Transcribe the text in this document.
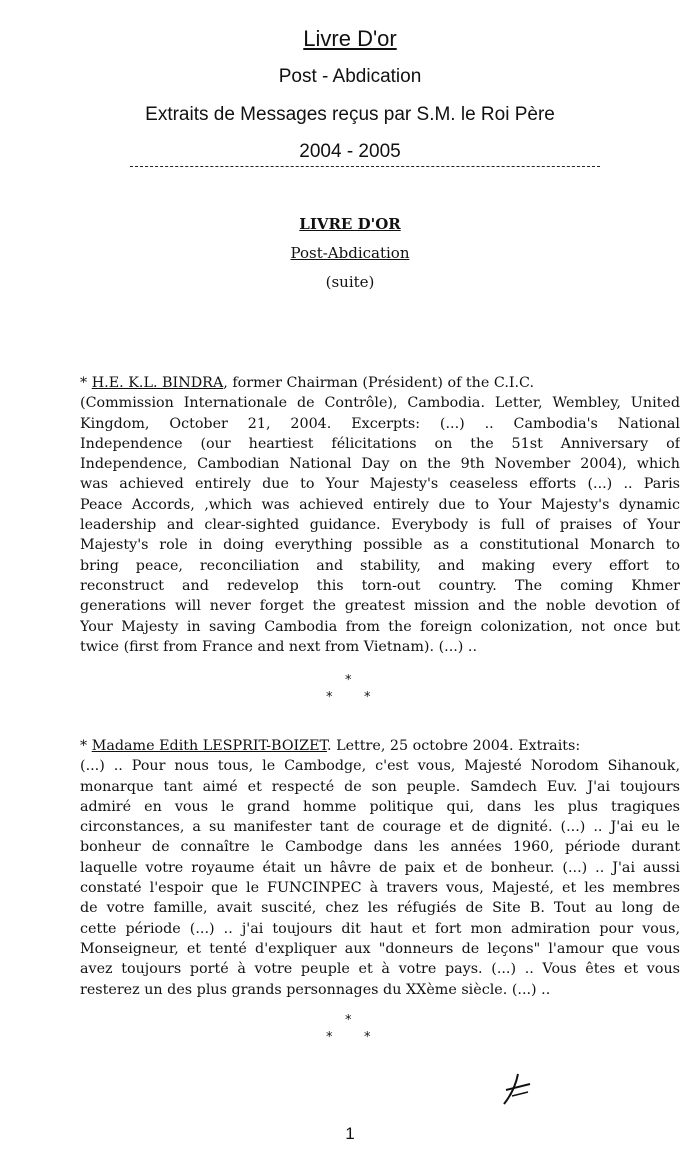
Livre D'or
Post - Abdication
Extraits de Messages reçus par S.M. le Roi Père
2004 - 2005
LIVRE D'OR
Post-Abdication
(suite)
* H.E. K.L. BINDRA, former Chairman (Président) of the C.I.C.
(Commission Internationale de Contrôle), Cambodia. Letter, Wembley, United
Kingdom, October 21, 2004. Excerpts: (...) .. Cambodia's National
Independence (our heartiest félicitations on the 51st Anniversary of
Independence, Cambodian National Day on the 9th November 2004), which
was achieved entirely due to Your Majesty's ceaseless efforts (...) .. Paris
Peace Accords, ,which was achieved entirely due to Your Majesty's dynamic
leadership and clear-sighted guidance. Everybody is full of praises of Your
Majesty's role in doing everything possible as a constitutional Monarch to
bring peace, reconciliation and stability, and making every effort to
reconstruct and redevelop this torn-out country. The coming Khmer
generations will never forget the greatest mission and the noble devotion of
Your Majesty in saving Cambodia from the foreign colonization, not once but
twice (first from France and next from Vietnam). (...) ..
*
* *
* Madame Edith LESPRIT-BOIZET. Lettre, 25 octobre 2004. Extraits:
(...) .. Pour nous tous, le Cambodge, c'est vous, Majesté Norodom Sihanouk,
monarque tant aimé et respecté de son peuple. Samdech Euv. J'ai toujours
admiré en vous le grand homme politique qui, dans les plus tragiques
circonstances, a su manifester tant de courage et de dignité. (...) .. J'ai eu le
bonheur de connaître le Cambodge dans les années 1960, période durant
laquelle votre royaume était un hâvre de paix et de bonheur. (...) .. J'ai aussi
constaté l'espoir que le FUNCINPEC à travers vous, Majesté, et les membres
de votre famille, avait suscité, chez les réfugiés de Site B. Tout au long de
cette période (...) .. j'ai toujours dit haut et fort mon admiration pour vous,
Monseigneur, et tenté d'expliquer aux "donneurs de leçons" l'amour que vous
avez toujours porté à votre peuple et à votre pays. (...) .. Vous êtes et vous
resterez un des plus grands personnages du XXème siècle. (...) ..
*
* *
1
